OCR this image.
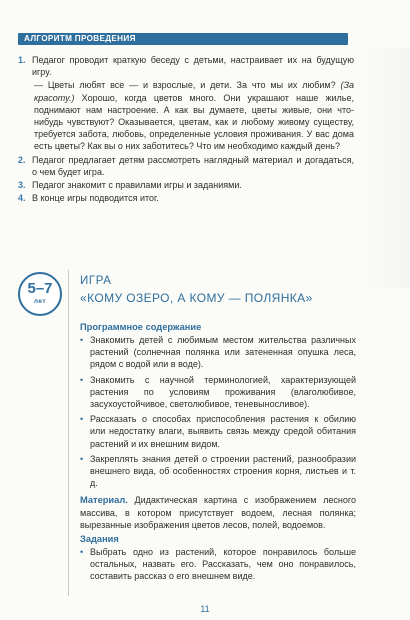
АЛГОРИТМ ПРОВЕДЕНИЯ
1. Педагог проводит краткую беседу с детьми, настраивает их на будущую игру.

— Цветы любят все — и взрослые, и дети. За что мы их любим? (За красоту.) Хорошо, когда цветов много. Они украшают наше жилье, поднимают нам настроение. А как вы думаете, цветы живые, они что-нибудь чувствуют? Оказывается, цветам, как и любому живому существу, требуется забота, любовь, определенные условия проживания. У вас дома есть цветы? Как вы о них заботитесь? Что им необходимо каждый день?

2. Педагог предлагает детям рассмотреть наглядный материал и догадаться, о чем будет игра.

3. Педагог знакомит с правилами игры и заданиями.

4. В конце игры подводится итог.

5–7
лет
ИГРА
«КОМУ ОЗЕРО, А КОМУ — ПОЛЯНКА»
Программное содержание
• Знакомить детей с любимым местом жительства различных растений (солнечная полянка или затененная опушка леса, рядом с водой или в воде).

• Знакомить с научной терминологией, характеризующей растения по условиям проживания (влаголюбивое, засухоустойчивое, светолюбивое, теневыносливое).

• Рассказать о способах приспособления растения к обилию или недостатку влаги, выявить связь между средой обитания растений и их внешним видом.

• Закреплять знания детей о строении растений, разнообразии внешнего вида, об особенностях строения корня, листьев и т. д.

Материал. Дидактическая картина с изображением лесного массива, в котором присутствует водоем, лесная полянка; вырезанные изображения цветов лесов, полей, водоемов.

Задания
• Выбрать одно из растений, которое понравилось больше остальных, назвать его. Рассказать, чем оно понравилось, составить рассказ о его внешнем виде.

11
